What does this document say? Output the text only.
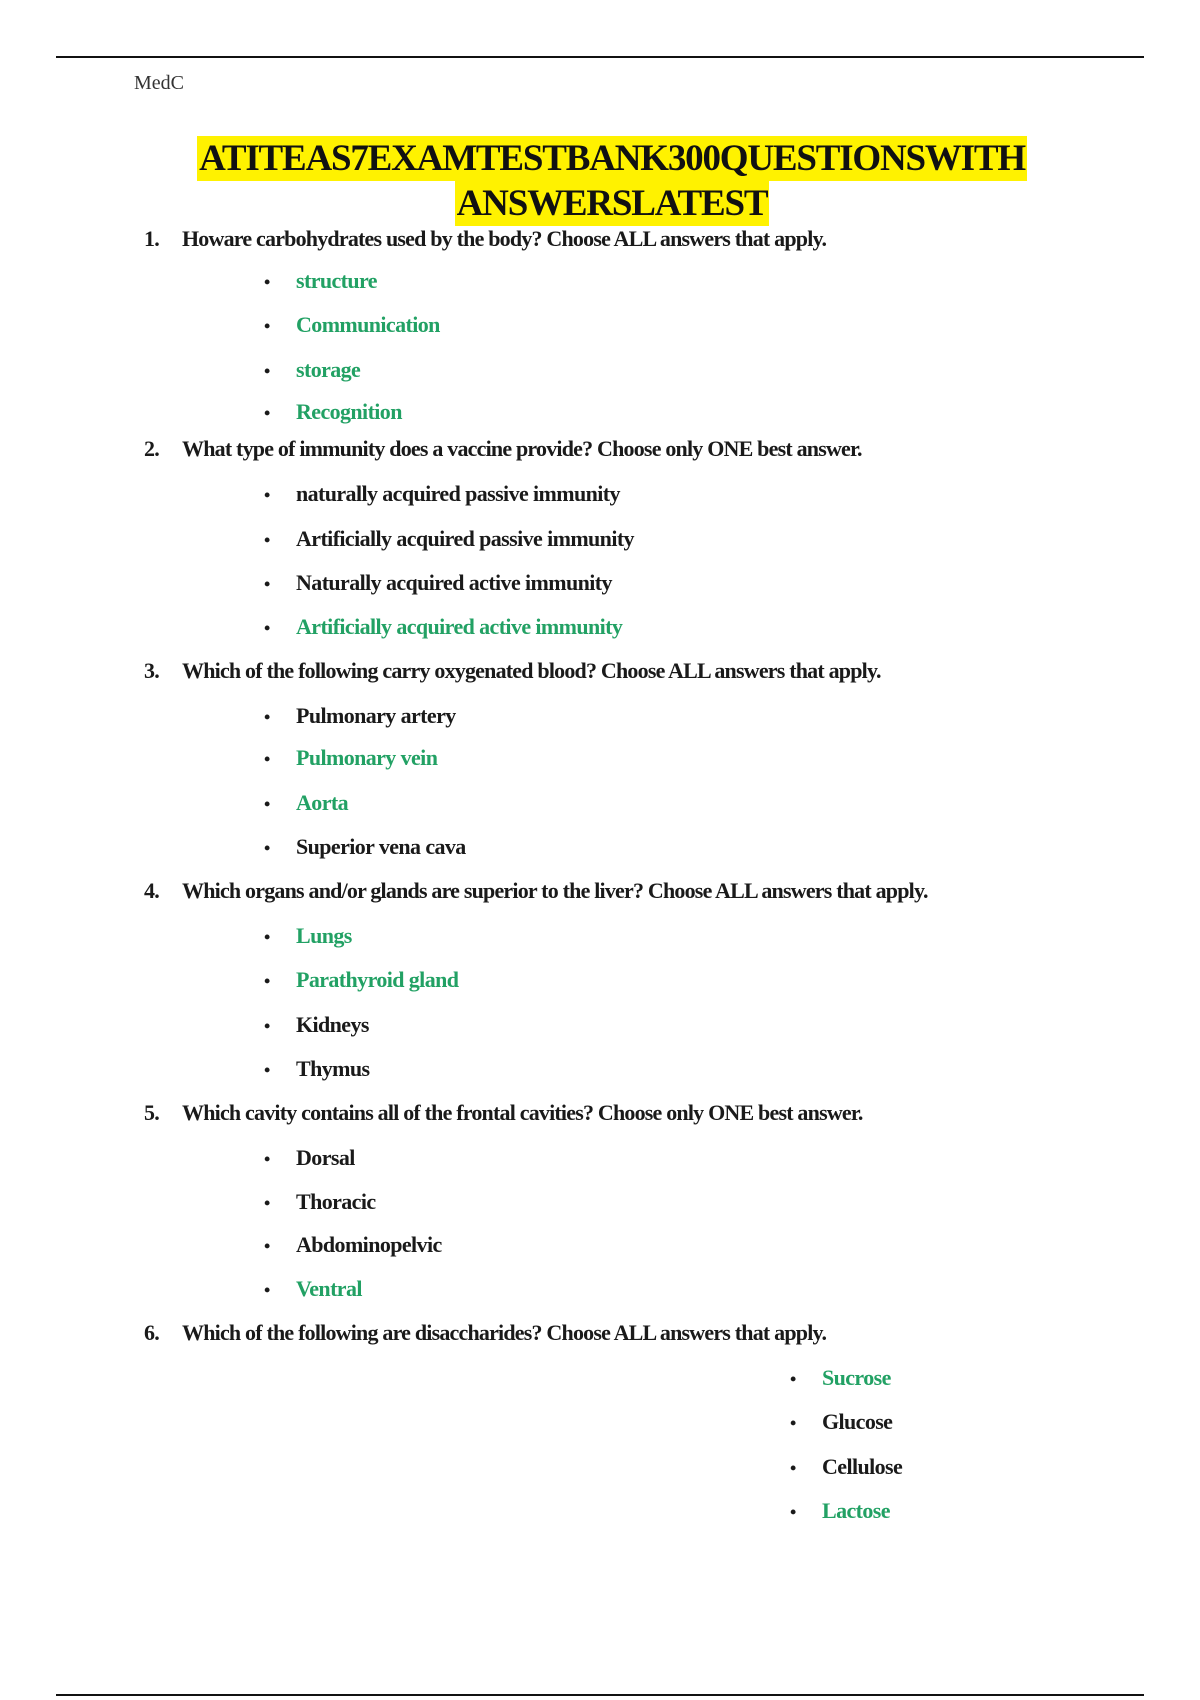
MedC
ATITEAS7EXAMTESTBANK300QUESTIONSWITH
ANSWERSLATEST
1. Howare carbohydrates used by the body? Choose ALL answers that apply.
• structure
• Communication
• storage
• Recognition
2. What type of immunity does a vaccine provide? Choose only ONE best answer.
• naturally acquired passive immunity
• Artificially acquired passive immunity
• Naturally acquired active immunity
• Artificially acquired active immunity
3. Which of the following carry oxygenated blood? Choose ALL answers that apply.
• Pulmonary artery
• Pulmonary vein
• Aorta
• Superior vena cava
4. Which organs and/or glands are superior to the liver? Choose ALL answers that apply.
• Lungs
• Parathyroid gland
• Kidneys
• Thymus
5. Which cavity contains all of the frontal cavities? Choose only ONE best answer.
• Dorsal
• Thoracic
• Abdominopelvic
• Ventral
6. Which of the following are disaccharides? Choose ALL answers that apply.
• Sucrose
• Glucose
• Cellulose
• Lactose
